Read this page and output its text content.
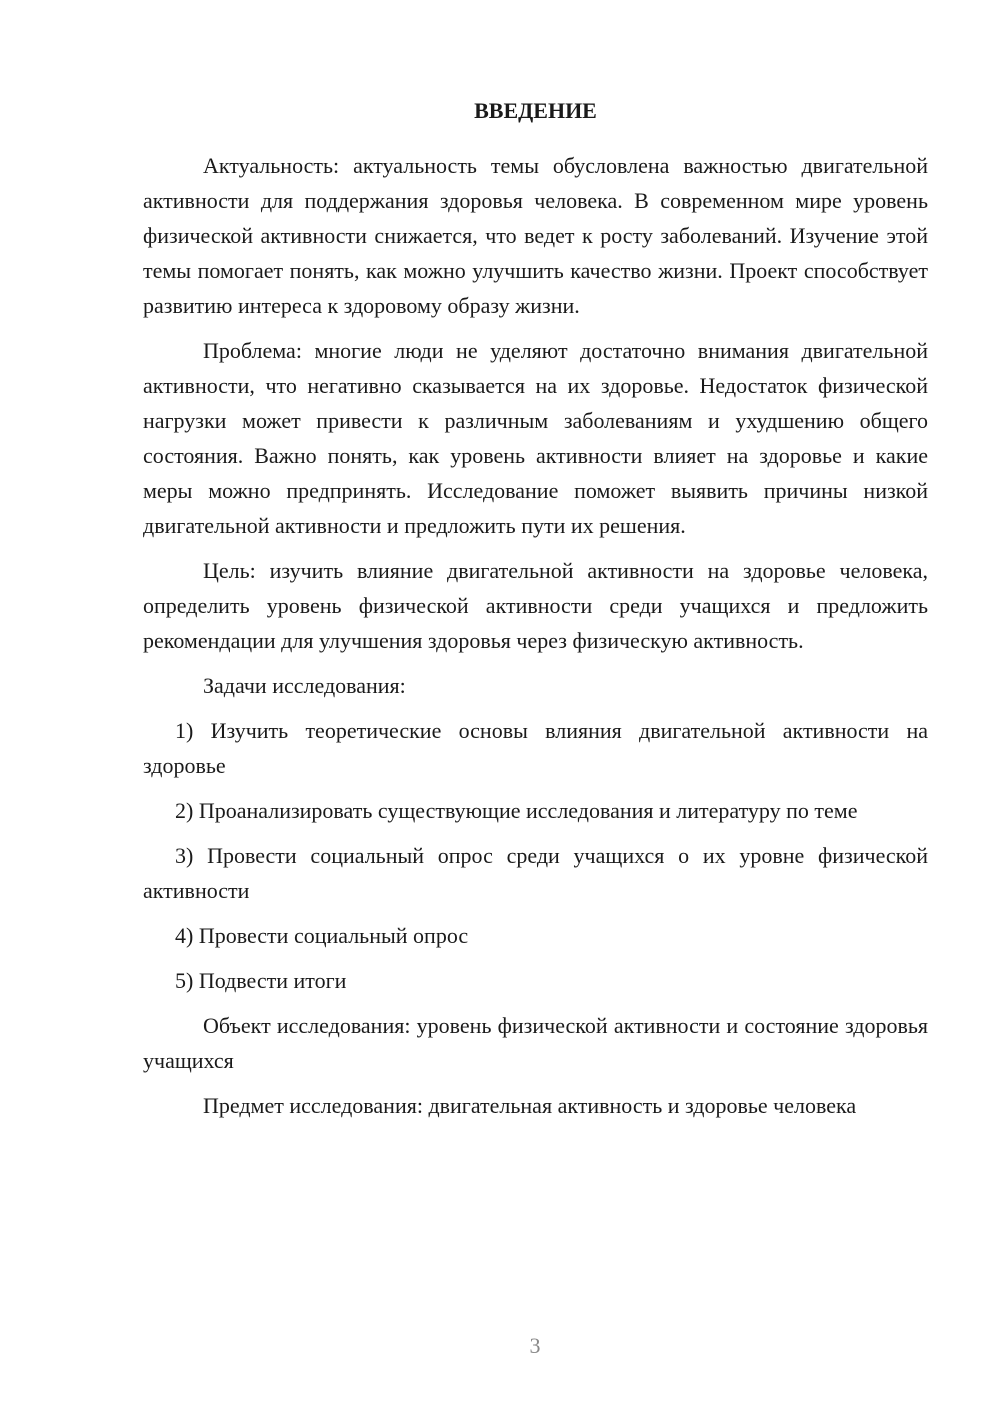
ВВЕДЕНИЕ

Актуальность: актуальность темы обусловлена важностью двигательной активности для поддержания здоровья человека. В современном мире уровень физической активности снижается, что ведет к росту заболеваний. Изучение этой темы помогает понять, как можно улучшить качество жизни. Проект способствует развитию интереса к здоровому образу жизни.

Проблема: многие люди не уделяют достаточно внимания двигательной активности, что негативно сказывается на их здоровье. Недостаток физической нагрузки может привести к различным заболеваниям и ухудшению общего состояния. Важно понять, как уровень активности влияет на здоровье и какие меры можно предпринять. Исследование поможет выявить причины низкой двигательной активности и предложить пути их решения.

Цель: изучить влияние двигательной активности на здоровье человека, определить уровень физической активности среди учащихся и предложить рекомендации для улучшения здоровья через физическую активность.

Задачи исследования:

1) Изучить теоретические основы влияния двигательной активности на здоровье

2) Проанализировать существующие исследования и литературу по теме

3) Провести социальный опрос среди учащихся о их уровне физической активности

4) Провести социальный опрос

5) Подвести итоги

Объект исследования: уровень физической активности и состояние здоровья учащихся

Предмет исследования: двигательная активность и здоровье человека

3
